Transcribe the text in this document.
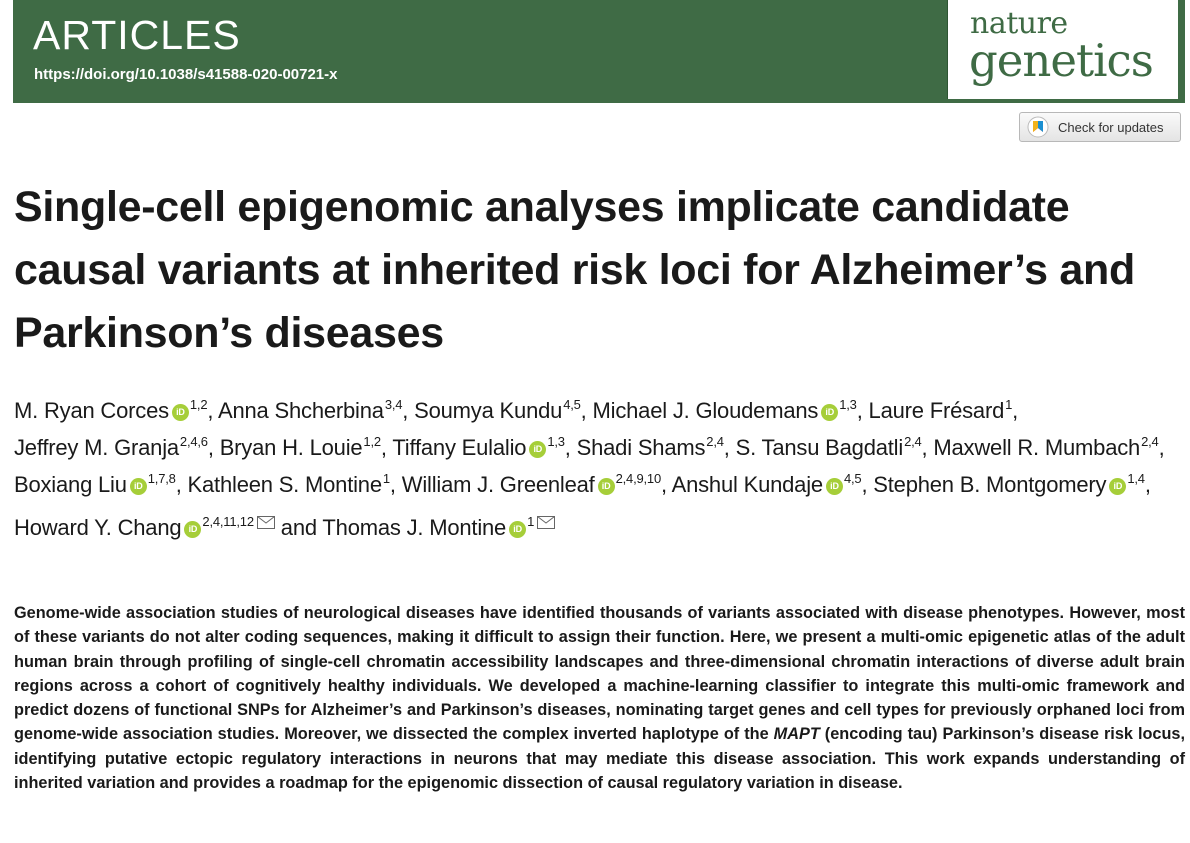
ARTICLES
https://doi.org/10.1038/s41588-020-00721-x
nature
genetics
Check for updates
Single-cell epigenomic analyses implicate candidate causal variants at inherited risk loci for Alzheimer’s and Parkinson’s diseases
M. Ryan Corces iD $^{1,2}$, Anna Shcherbina$^{3,4}$, Soumya Kundu$^{4,5}$, Michael J. Gloudemans iD $^{1,3}$, Laure Frésard$^1$, Jeffrey M. Granja$^{2,4,6}$, Bryan H. Louie$^{1,2}$, Tiffany Eulalio iD $^{1,3}$, Shadi Shams$^{2,4}$, S. Tansu Bagdatli$^{2,4}$, Maxwell R. Mumbach$^{2,4}$, Boxiang Liu iD $^{1,7,8}$, Kathleen S. Montine$^1$, William J. Greenleaf iD $^{2,4,9,10}$, Anshul Kundaje iD $^{4,5}$, Stephen B. Montgomery iD $^{1,4}$, Howard Y. Chang iD $^{2,4,11,12}$ and Thomas J. Montine iD $^1$

Genome-wide association studies of neurological diseases have identified thousands of variants associated with disease phenotypes. However, most of these variants do not alter coding sequences, making it difficult to assign their function. Here, we present a multi-omic epigenetic atlas of the adult human brain through profiling of single-cell chromatin accessibility landscapes and three-dimensional chromatin interactions of diverse adult brain regions across a cohort of cognitively healthy individuals. We developed a machine-learning classifier to integrate this multi-omic framework and predict dozens of functional SNPs for Alzheimer’s and Parkinson’s diseases, nominating target genes and cell types for previously orphaned loci from genome-wide association studies. Moreover, we dissected the complex inverted haplotype of the MAPT (encoding tau) Parkinson’s disease risk locus, identifying putative ectopic regulatory interactions in neurons that may mediate this disease association. This work expands understanding of inherited variation and provides a roadmap for the epigenomic dissection of causal regulatory variation in disease.
